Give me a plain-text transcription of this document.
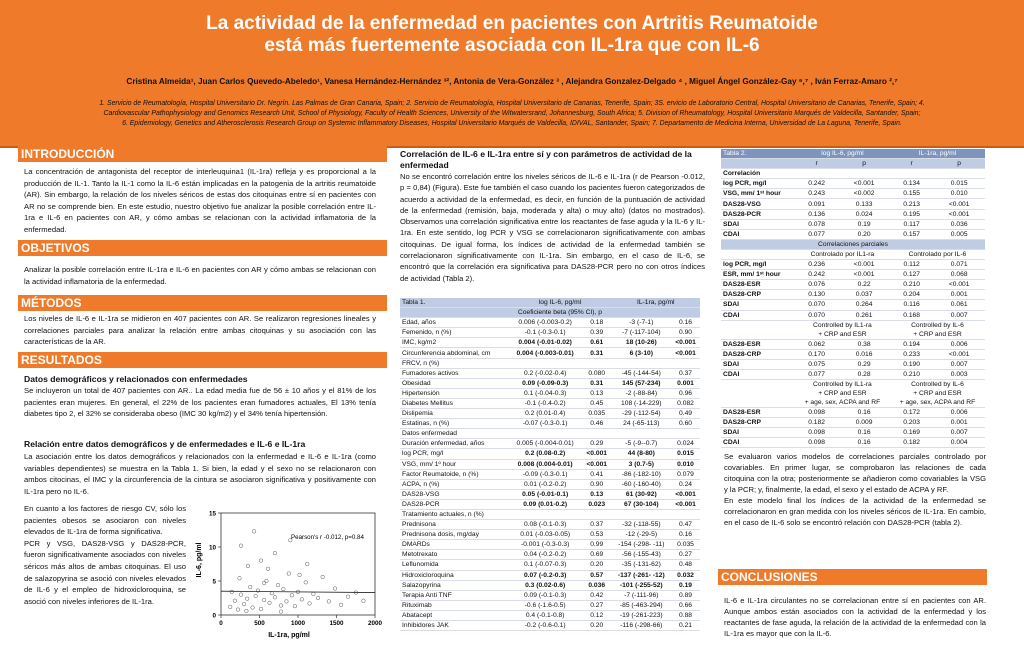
La actividad de la enfermedad en pacientes con Artritis Reumatoide
está más fuertemente asociada con IL-1ra que con IL-6
Cristina Almeida¹, Juan Carlos Quevedo-Abeledo¹, Vanesa Hernández-Hernández ³², Antonia de Vera-González ³ , Alejandra Gonzalez-Delgado ⁴ , Miguel Ángel González-Gay ⁶,⁷ , Iván Ferraz-Amaro ²,⁷
1. Servicio de Reumatología, Hospital Universitario Dr. Negrín. Las Palmas de Gran Canaria, Spain; 2. Servicio de Reumatología, Hospital Universitario de Canarias, Tenerife, Spain; 3S. ervicio de Laboratorio Central, Hospital Universitario de Canarias, Tenerife, Spain; 4.
Cardiovascular Pathophysiology and Genomics Research Unit, School of Physiology, Faculty of Health Sciences, University of the Witwatersrand, Johannesburg, South Africa; 5. Division of Rheumatology, Hospital Universitario Marqués de Valdecilla, Santander, Spain;
6. Epidemiology, Genetics and Atherosclerosis Research Group on Systemic Inflammatory Diseases, Hospital Universitario Marqués de Valdecilla, IDIVAL, Santander, Spain; 7. Departamento de Medicina Interna, Universidad de La Laguna, Tenerife, Spain.
INTRODUCCIÓN
La concentración de antagonista del receptor de interleuquina1 (IL-1ra) refleja y es proporcional a la producción de IL-1. Tanto la IL-1 como la IL-6 están implicadas en la patogenia de la artritis reumatoide (AR). Sin embargo, la relación de los niveles séricos de estas dos citoquinas entre sí en pacientes con AR no se comprende bien. En este estudio, nuestro objetivo fue analizar la posible correlación entre IL-1ra e IL-6 en pacientes con AR, y cómo ambas se relacionan con la actividad inflamatoria de la enfermedad.
OBJETIVOS
Analizar la posible correlación entre IL-1ra e IL-6 en pacientes con AR y cómo ambas se relacionan con la actividad inflamatoria de la enfermedad.
MÉTODOS
Los niveles de IL-6 e IL-1ra se midieron en 407 pacientes con AR. Se realizaron regresiones lineales y correlaciones parciales para analizar la relación entre ambas citoquinas y su asociación con las características de la AR.
RESULTADOS
Datos demográficos y relacionados con enfermedades
Se incluyeron un total de 407 pacientes con AR.. La edad media fue de 56 ± 10 años y el 81% de los pacientes eran mujeres. En general, el 22% de los pacientes eran fumadores actuales, El 13% tenía diabetes tipo 2, el 32% se consideraba obeso (IMC 30 kg/m2) y el 34% tenía hipertensión.
Relación entre datos demográficos y de enfermedades e IL-6 e IL-1ra
La asociación entre los datos demográficos y relacionados con la enfermedad e IL-6 e IL-1ra (como variables dependientes) se muestra en la Tabla 1. Si bien, la edad y el sexo no se relacionaron con ambos citocinas, el IMC y la circunferencia de la cintura se asociaron significativa y positivamente con IL-1ra pero no IL-6.
En cuanto a los factores de riesgo CV, sólo los pacientes obesos se asociaron con niveles elevados de IL-1ra de forma significativa.
PCR y VSG, DAS28-VSG y DAS28-PCR, fueron significativamente asociados con niveles séricos más altos de ambas citoquinas. El uso de salazopyrina se asoció con niveles elevados de IL-6 y el empleo de hidroxicloroquina, se asoció con niveles inferiores de IL-1ra.
IL-1ra, pg/ml
IL-6, pg/ml
Pearson's r -0.012, p=0.84
0
5
10
15
0	500	1000	1500	2000
Correlación de IL-6 e IL-1ra entre sí y con parámetros de actividad de la enfermedad
No se encontró correlación entre los niveles séricos de IL-6 e IL-1ra (r de Pearson -0.012, p = 0,84) (Figura). Este fue también el caso cuando los pacientes fueron categorizados de acuerdo a actividad de la enfermedad, es decir, en función de la puntuación de actividad de la enfermedad (remisión, baja, moderada y alta) o muy alto) (datos no mostrados). Observamos una correlación significativa entre los reactantes de fase aguda y la IL-6 y IL-1ra. En este sentido, log PCR y VSG se correlacionaron significativamente con ambas citoquinas. De igual forma, los índices de actividad de la enfermedad también se correlacionaron significativamente con IL-1ra. Sin embargo, en el caso de IL-6, se encontró que la correlación era significativa para DAS28-PCR pero no con otros índices de actividad (Tabla 2).
Tabla 1.	log IL-6, pg/ml		IL-1ra, pg/ml	
	Coeficiente beta (95% CI), p			
Edad, años	0.006 (-0.003-0.2)	0.18	-3 (-7-1)	0.16
Femenido, n (%)	-0.1 (-0.3-0.1)	0.39	-7 (-117-104)	0.90
IMC, kg/m2	0.004 (-0.01-0.02)	0.61	18 (10-26)	<0.001
Circunferencia abdominal, cm	0.004 (-0.003-0.01)	0.31	6 (3-10)	<0.001
FRCV, n (%)				
Fumadores activos	0.2 (-0.02-0.4)	0.080	-45 (-144-54)	0.37
Obesidad	0.09 (-0.09-0.3)	0.31	145 (57-234)	0.001
Hipertensión	0.1 (-0.04-0.3)	0.13	-2 (-88-84)	0.96
Diabetes Mellitus	-0.1 (-0.4-0.2)	0.45	108 (-14-229)	0.082
Dislipemia	0.2 (0.01-0.4)	0.035	-29 (-112-54)	0.49
Estatinas, n (%)	-0.07 (-0.3-0.1)	0.46	24 (-65-113)	0.60
Datos enfermedad				
Duración enfermedad, años	0.005 (-0.004-0.01)	0.29	-5 (-9--0.7)	0.024
log PCR, mg/l	0.2 (0.08-0.2)	<0.001	44 (8-80)	0.015
VSG, mm/ 1º hour	0.008 (0.004-0.01)	<0.001	3 (0.7-5)	0.010
Factor Reumatoide, n (%)	-0.09 (-0.3-0.1)	0.41	-86 (-182-10)	0.079
ACPA, n (%)	0.01 (-0.2-0.2)	0.90	-60 (-160-40)	0.24
DAS28-VSG	0.05 (-0.01-0.1)	0.13	61 (30-92)	<0.001
DAS28-PCR	0.09 (0.01-0.2)	0.023	67 (30-104)	<0.001
Tratamiento actuales, n (%)				
Prednisona	0.08 (-0.1-0.3)	0.37	-32 (-118-55)	0.47
Prednisona dosis, mg/day	0.01 (-0.03-0.05)	0.53	-12 (-29-5)	0.16
DMARDs	-0.001 (-0.3-0.3)	0.99	-154 (-298- -11)	0.035
Metotrexato	0.04 (-0.2-0.2)	0.69	-56 (-155-43)	0.27
Leflunomida	0.1 (-0.07-0.3)	0.20	-35 (-131-62)	0.48
Hidroxicloroquina	0.07 (-0.2-0.3)	0.57	-137 (-261- -12)	0.032
Salazopyrina	0.3 (0.02-0.6)	0.036	-101 (-255-52)	0.19
Terapia Anti TNF	0.09 (-0.1-0.3)	0.42	-7 (-111-96)	0.89
Rituximab	-0.6 (-1.6-0.5)	0.27	-85 (-463-294)	0.66
Abatacept	0.4 (-0.1-0.8)	0.12	-19 (-261-223)	0.88
Inhibidores JAK	-0.2 (-0.6-0.1)	0.20	-116 (-298-66)	0.21
Tabla 2.	log IL-6, pg/ml		IL-1ra, pg/ml	
	r	p	r	p
Correlación				
log PCR, mg/l	0.242	<0.001	0.134	0.015
VSG, mm/ 1ˢᵗ hour	0.243	<0.002	0.155	0.010
DAS28-VSG	0.091	0.133	0.213	<0.001
DAS28-PCR	0.136	0.024	0.195	<0.001
SDAI	0.078	0.19	0.117	0.036
CDAI	0.077	0.20	0.157	0.005
Correlaciones parciales				
	Controlado por IL1-ra		Controlado por IL-6	
log PCR, mg/l	0.236	<0.001	0.112	0.071
ESR, mm/ 1ˢᵗ hour	0.242	<0.001	0.127	0.068
DAS28-ESR	0.076	0.22	0.210	<0.001
DAS28-CRP	0.130	0.037	0.204	0.001
SDAI	0.070	0.264	0.116	0.061
CDAI	0.070	0.261	0.168	0.007
	Controlled by IL1-ra
+ CRP and ESR		Controlled by IL-6
+ CRP and ESR	
DAS28-ESR	0.062	0.38	0.194	0.006
DAS28-CRP	0.170	0.016	0.233	<0.001
SDAI	0.075	0.29	0.190	0.007
CDAI	0.077	0.28	0.210	0.003
	Controlled by IL1-ra
+ CRP and ESR
+ age, sex, ACPA and RF		Controlled by IL-6
+ CRP and ESR
+ age, sex, ACPA and RF	
DAS28-ESR	0.098	0.16	0.172	0.006
DAS28-CRP	0.182	0.009	0.203	0.001
SDAI	0.098	0.16	0.169	0.007
CDAI	0.098	0.16	0.182	0.004
Se evaluaron varios modelos de correlaciones parciales controlado por covariables. En primer lugar, se comprobaron las relaciones de cada citoquina con la otra; posteriormente se añadieron como covariables la VSG y la PCR; y, finalmente, la edad, el sexo y el estado de ACPA y RF.
En este modelo final los índices de la actividad de la enfermedad se correlacionaron en gran medida con los niveles séricos de IL-1ra. En cambio, en el caso de IL-6 solo se encontró relación con DAS28-PCR (tabla 2).
CONCLUSIONES
IL-6 e IL-1ra circulantes no se correlacionan entre sí en pacientes con AR. Aunque ambos están asociados con la actividad de la enfermedad y los reactantes de fase aguda, la relación de la actividad de la enfermedad con la IL-1ra es mayor que con la IL-6.
